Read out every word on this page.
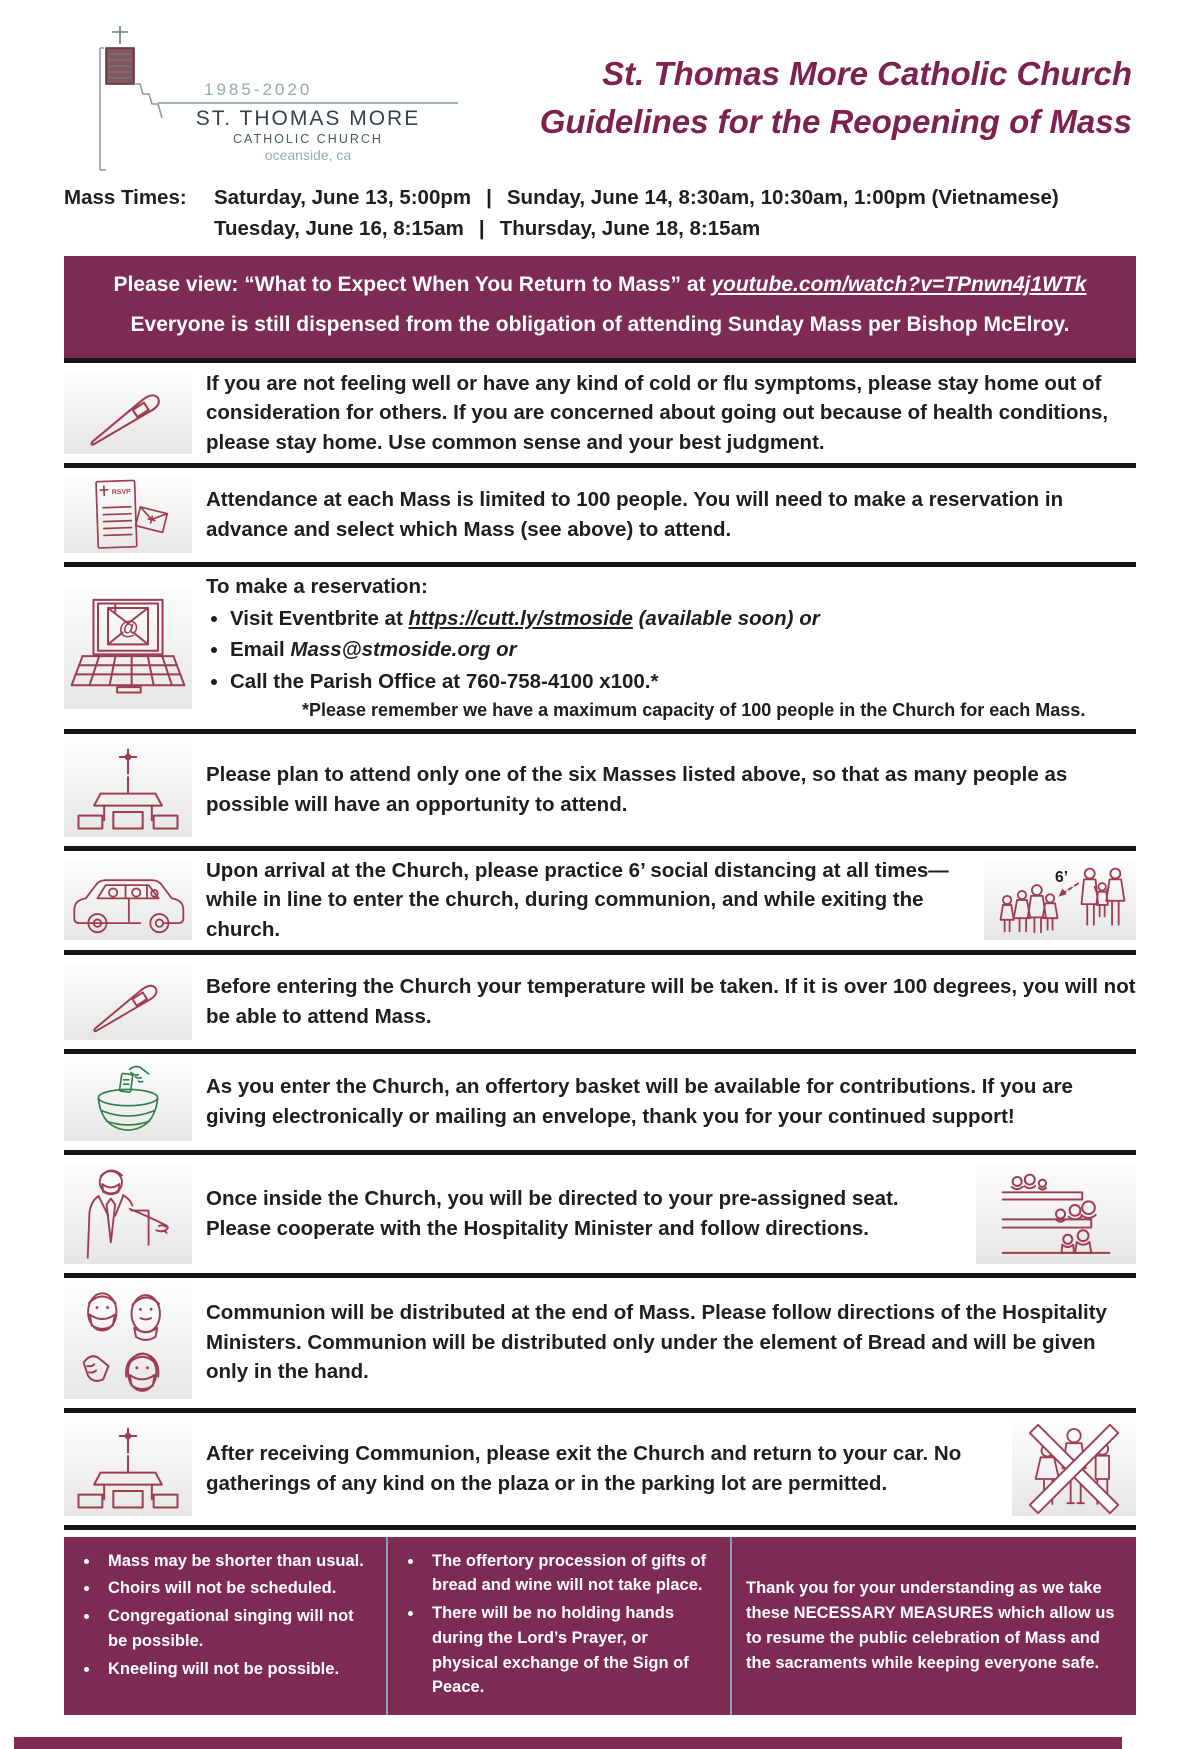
1985-2020
ST. THOMAS MORE
CATHOLIC CHURCH
oceanside, ca
St. Thomas More Catholic Church
Guidelines for the Reopening of Mass
Mass Times:	Saturday, June 13, 5:00pm | Sunday, June 14, 8:30am, 10:30am, 1:00pm (Vietnamese)
Tuesday, June 16, 8:15am | Thursday, June 18, 8:15am
Please view: “What to Expect When You Return to Mass” at youtube.com/watch?v=TPnwn4j1WTk
Everyone is still dispensed from the obligation of attending Sunday Mass per Bishop McElroy.
If you are not feeling well or have any kind of cold or flu symptoms, please stay home out of consideration for others. If you are concerned about going out because of health conditions, please stay home. Use common sense and your best judgment.
RSVP	Attendance at each Mass is limited to 100 people. You will need to make a reservation in advance and select which Mass (see above) to attend.
@
To make a reservation:
• Visit Eventbrite at https://cutt.ly/stmoside (available soon) or
• Email Mass@stmoside.org or
• Call the Parish Office at 760-758-4100 x100.*
*Please remember we have a maximum capacity of 100 people in the Church for each Mass.
Please plan to attend only one of the six Masses listed above, so that as many people as possible will have an opportunity to attend.
Upon arrival at the Church, please practice 6’ social distancing at all times—while in line to enter the church, during communion, and while exiting the church.
6’
Before entering the Church your temperature will be taken. If it is over 100 degrees, you will not be able to attend Mass.
As you enter the Church, an offertory basket will be available for contributions. If you are giving electronically or mailing an envelope, thank you for your continued support!
Once inside the Church, you will be directed to your pre-assigned seat. Please cooperate with the Hospitality Minister and follow directions.
Communion will be distributed at the end of Mass. Please follow directions of the Hospitality Ministers. Communion will be distributed only under the element of Bread and will be given only in the hand.
After receiving Communion, please exit the Church and return to your car. No gatherings of any kind on the plaza or in the parking lot are permitted.
• Mass may be shorter than usual.
• Choirs will not be scheduled.
• Congregational singing will not be possible.
• Kneeling will not be possible.
• The offertory procession of gifts of bread and wine will not take place.
• There will be no holding hands during the Lord’s Prayer, or physical exchange of the Sign of Peace.
Thank you for your understanding as we take these NECESSARY MEASURES which allow us to resume the public celebration of Mass and the sacraments while keeping everyone safe.
